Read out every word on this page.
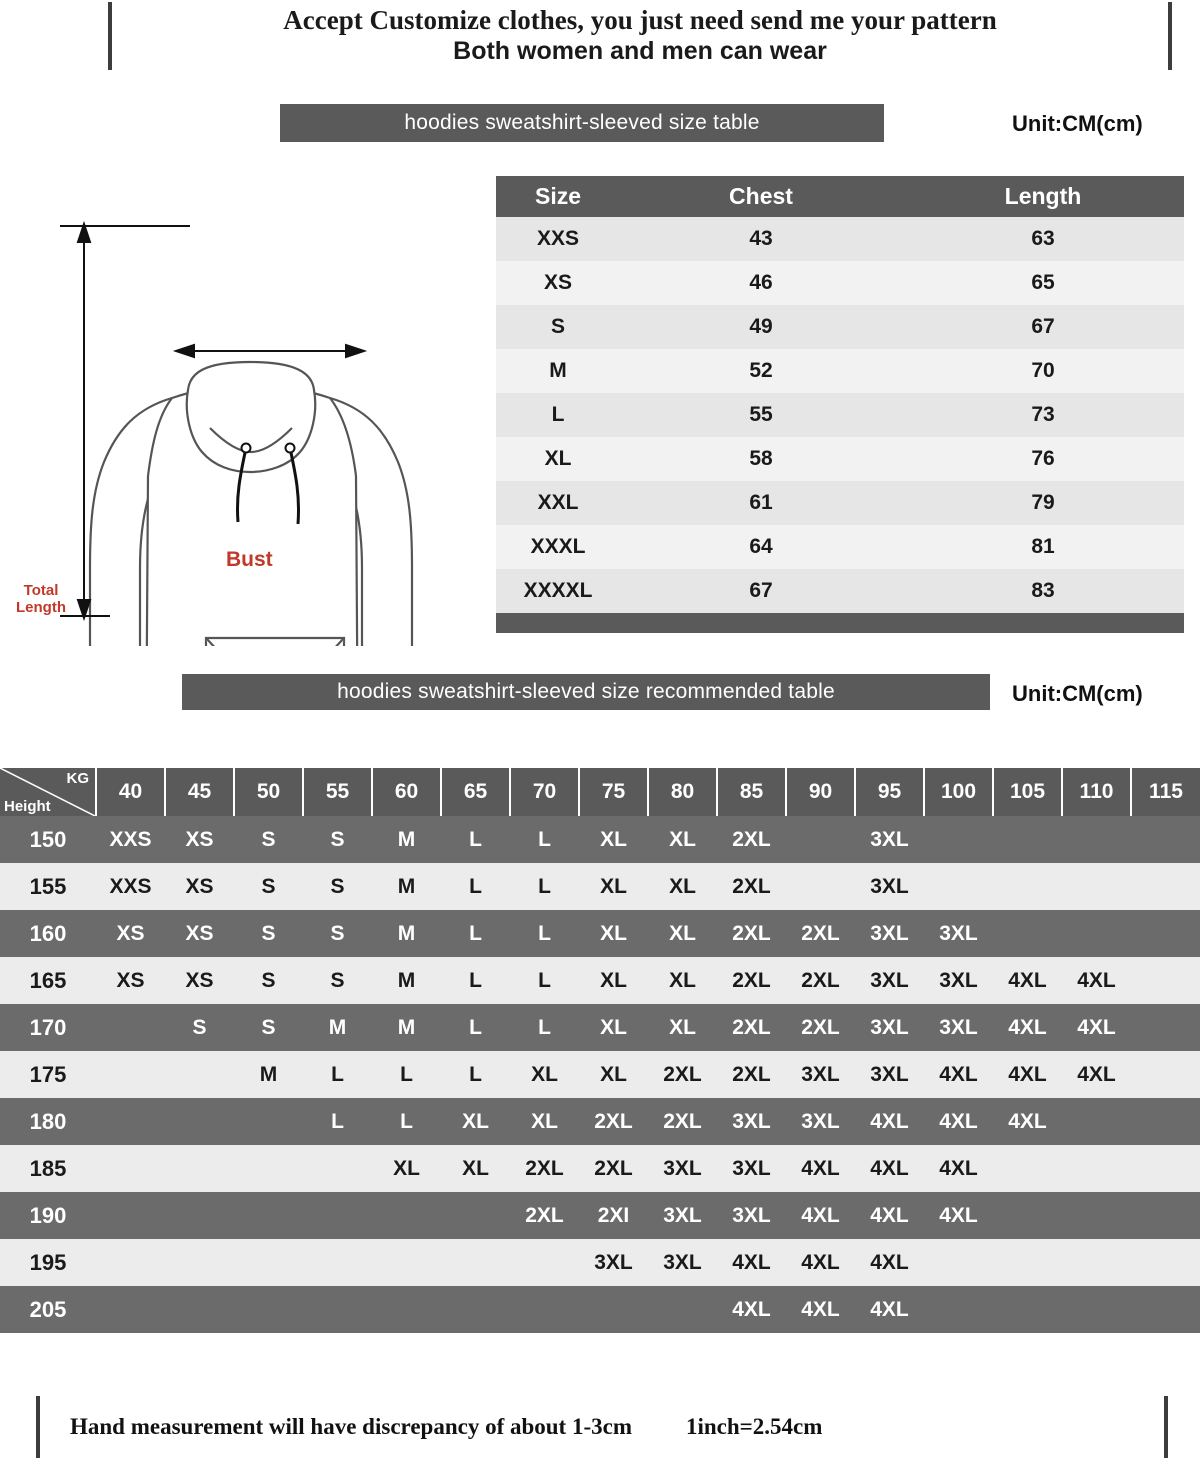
Accept Customize clothes, you just need send me your pattern
Both women and men can wear
hoodies sweatshirt-sleeved size table	Unit:CM(cm)
Total
Length
Bust
Size	Chest	Length
XXS	43	63
XS	46	65
S	49	67
M	52	70
L	55	73
XL	58	76
XXL	61	79
XXXL	64	81
XXXXL	67	83

hoodies sweatshirt-sleeved size recommended table	Unit:CM(cm)
KG
Height	40	45	50	55	60	65	70	75	80	85	90	95	100	105	110	115
150	XXS	XS	S	S	M	L	L	XL	XL	2XL		3XL				
155	XXS	XS	S	S	M	L	L	XL	XL	2XL		3XL				
160	XS	XS	S	S	M	L	L	XL	XL	2XL	2XL	3XL	3XL			
165	XS	XS	S	S	M	L	L	XL	XL	2XL	2XL	3XL	3XL	4XL	4XL	
170		S	S	M	M	L	L	XL	XL	2XL	2XL	3XL	3XL	4XL	4XL	
175			M	L	L	L	XL	XL	2XL	2XL	3XL	3XL	4XL	4XL	4XL	
180				L	L	XL	XL	2XL	2XL	3XL	3XL	4XL	4XL	4XL		
185					XL	XL	2XL	2XL	3XL	3XL	4XL	4XL	4XL			
190							2XL	2XI	3XL	3XL	4XL	4XL	4XL			
195								3XL	3XL	4XL	4XL	4XL				
205										4XL	4XL	4XL				
Hand measurement will have discrepancy of about 1-3cm 1inch=2.54cm
